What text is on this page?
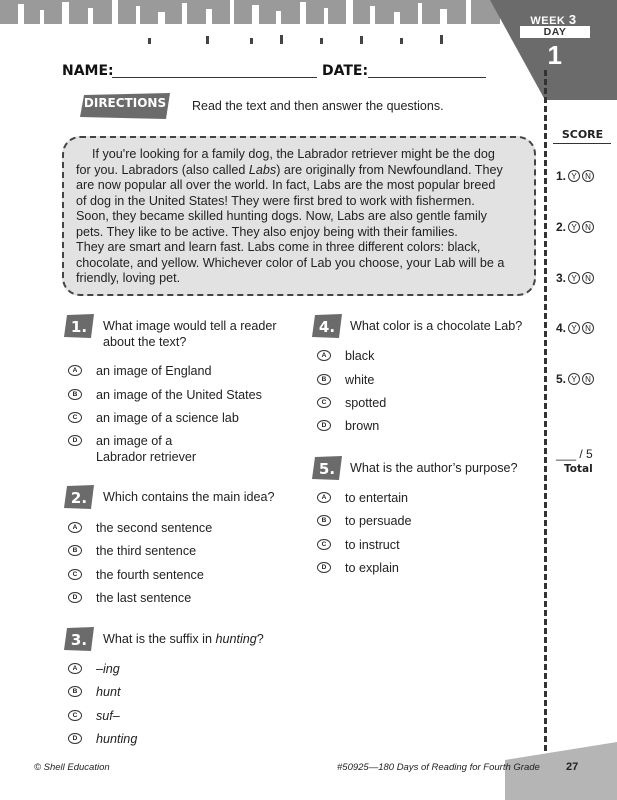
WEEK 3
DAY
1
NAME:	DATE:
DIRECTIONS	Read the text and then answer the questions.
If you're looking for a family dog, the Labrador retriever might be the dog
for you. Labradors (also called Labs) are originally from Newfoundland. They
are now popular all over the world. In fact, Labs are the most popular breed
of dog in the United States! They were first bred to work with fishermen.
Soon, they became skilled hunting dogs. Now, Labs are also gentle family
pets. They like to be active. They also enjoy being with their families.
They are smart and learn fast. Labs come in three different colors: black,
chocolate, and yellow. Whichever color of Lab you choose, your Lab will be a
friendly, loving pet.
SCORE
1. Y	N
2. Y	N
3. Y	N
4. Y	N
5. Y	N
___ / 5
Total
1. What image would tell a reader
about the text?
A	an image of England
B	an image of the United States
C	an image of a science lab
D	an image of a
Labrador retriever
2. Which contains the main idea?
A	the second sentence
B	the third sentence
C	the fourth sentence
D	the last sentence
3. What is the suffix in hunting?
A	–ing
B	hunt
C	suf–
D	hunting
4. What color is a chocolate Lab?
A	black
B	white
C	spotted
D	brown
5. What is the author’s purpose?
A	to entertain
B	to persuade
C	to instruct
D	to explain
© Shell Education	#50925—180 Days of Reading for Fourth Grade 27
